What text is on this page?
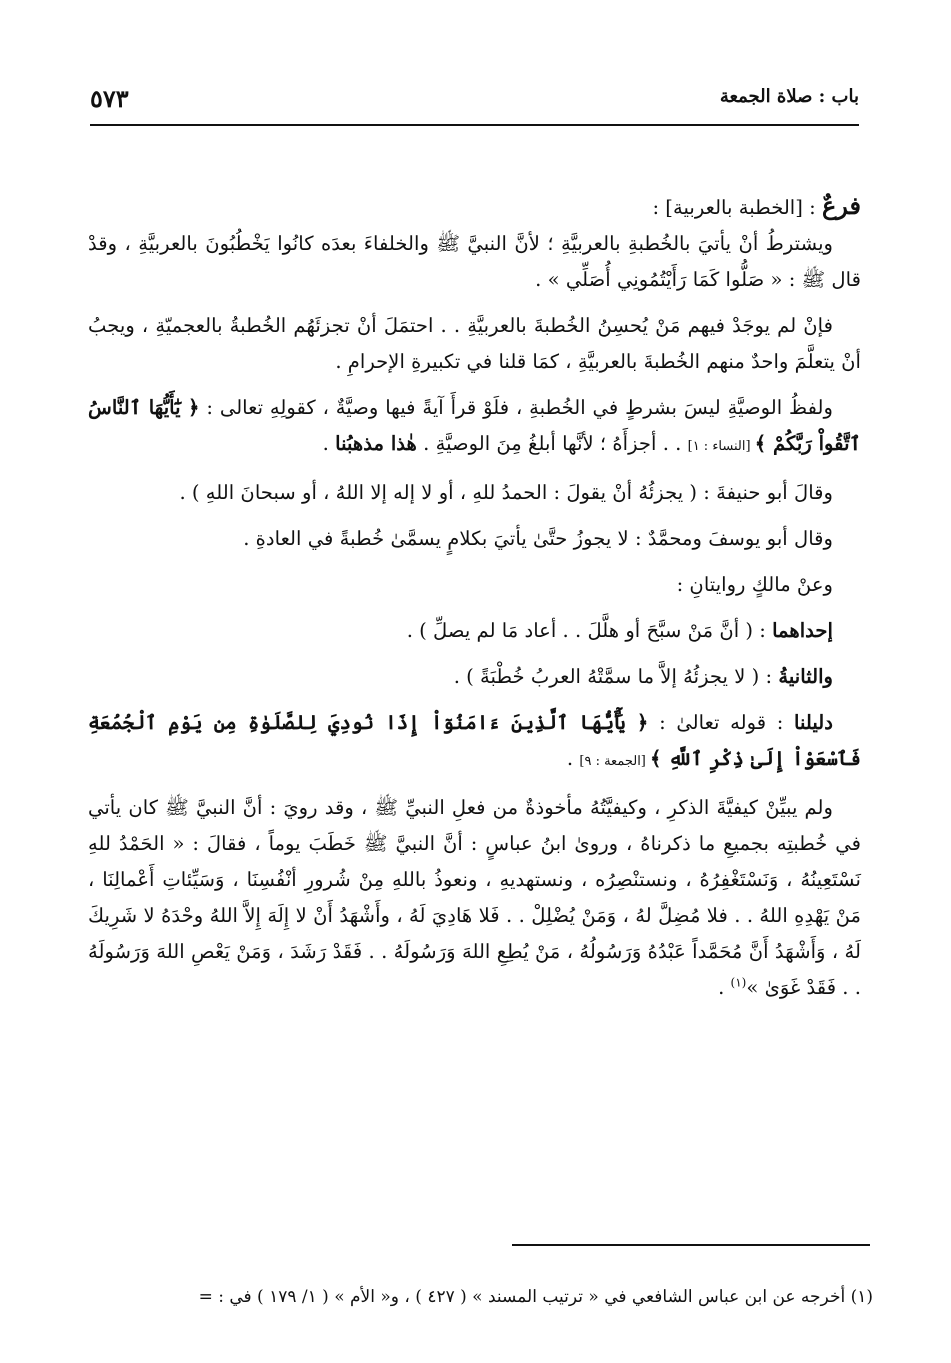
باب : صلاة الجمعة
٥٧٣

فرعٌ : [الخطبة بالعربية] :

ويشترطُ أنْ يأتيَ بالخُطبةِ بالعربيَّةِ ؛ لأنَّ النبيَّ ﷺ والخلفاءَ بعدَه كانُوا يَخْطُبُونَ بالعربيَّةِ ، وقدْ قال ﷺ : « صَلُّوا كَمَا رَأَيْتُمُونِي أُصَلِّي » .

فإنْ لم يوجَدْ فيهم مَنْ يُحسِنُ الخُطبةَ بالعربيَّةِ . . احتمَلَ أنْ تجزئَهُم الخُطبةُ بالعجميّةِ ، ويجبُ أنْ يتعلَّمَ واحدٌ منهم الخُطبةَ بالعربيَّةِ ، كمَا قلنا في تكبيرةِ الإحرامِ .

ولفظُ الوصيَّةِ ليسَ بشرطٍ في الخُطبةِ ، فلَوْ قرأَ آيةً فيها وصيَّةٌ ، كقولِهِ تعالى : ﴿ يَٰٓأَيُّهَا ٱلنَّاسُ ٱتَّقُواْ رَبَّكُمْ ﴾ [النساء : ١] . . أجزأَهُ ؛ لأنَّها أبلغُ مِنَ الوصيَّةِ . هٰذا مذهبُنا .

وقالَ أبو حنيفةَ : ( يجزئُهُ أنْ يقولَ : الحمدُ للهِ ، أو لا إله إلا اللهُ ، أو سبحانَ اللهِ ) .

وقال أبو يوسفَ ومحمَّدٌ : لا يجوزُ حتَّىٰ يأتيَ بكلامٍ يسمَّىٰ خُطبةً في العادةِ .

وعنْ مالكٍ روايتانِ :

إحداهما : ( أنَّ مَنْ سبَّحَ أو هلَّلَ . . أعاد مَا لم يصلِّ ) .

والثانيةُ : ( لا يجزئُهُ إلاَّ ما سمَّتْهُ العربُ خُطْبَةً ) .

دليلنا : قوله تعالىٰ : ﴿ يَٰٓأَيُّهَا ٱلَّذِينَ ءَامَنُوٓاْ إِذَا نُودِيَ لِلصَّلَوٰةِ مِن يَوْمِ ٱلْجُمُعَةِ فَٱسْعَوْاْ إِلَىٰ ذِكْرِ ٱللَّهِ ﴾ [الجمعة : ٩] .

ولم يبيِّنْ كيفيَّةَ الذكرِ ، وكيفيَّتُهُ مأخوذةٌ من فعلِ النبيِّ ﷺ ، وقد رويَ : أنَّ النبيَّ ﷺ كان يأتي في خُطبتِه بجميعِ ما ذكرناهُ ، وروىٰ ابنُ عباسٍ : أنَّ النبيَّ ﷺ خَطَبَ يوماً ، فقالَ : « الحَمْدُ للهِ نَسْتَعِينُهُ ، وَنَسْتَغْفِرُهُ ، ونستنْصِرُه ، ونستهديهِ ، ونعوذُ باللهِ مِنْ شُرورِ أنْفُسِنَا ، وَسَيِّئاتِ أَعْمالِنَا ، مَنْ يَهْدِهِ اللهُ . . فلا مُضِلَّ لهُ ، وَمَنْ يُضْلِلْ . . فَلا هَادِيَ لَهُ ، وأَشْهَدُ أَنْ لا إِلَهَ إِلاَّ اللهُ وحْدَهُ لا شَرِيكَ لَهُ ، وَأَشْهَدُ أَنَّ مُحَمَّداً عَبْدُهُ وَرَسُولُهُ ، مَنْ يُطِعِ اللهَ وَرَسُولَهُ . . فَقَدْ رَشَدَ ، وَمَنْ يَعْصِ اللهَ وَرَسُولَهُ . . فَقَدْ غَوَىٰ »$^{(١)}$ .

(١) أخرجه عن ابن عباس الشافعي في « ترتيب المسند » ( ٤٢٧ ) ، و« الأم » ( ١/ ١٧٩ ) في : =
